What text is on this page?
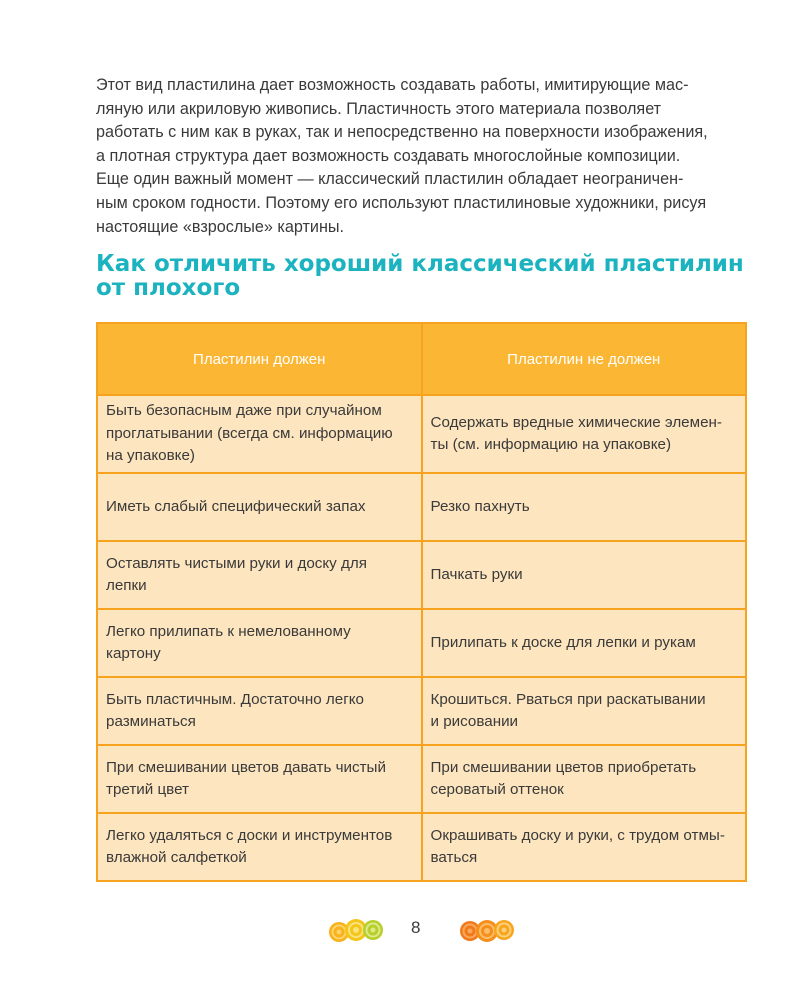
Этот вид пластилина дает возможность создавать работы, имитирующие мас-
ляную или акриловую живопись. Пластичность этого материала позволяет
работать с ним как в руках, так и непосредственно на поверхности изображения,
а плотная структура дает возможность создавать многослойные композиции.
Еще один важный момент — классический пластилин обладает неограничен-
ным сроком годности. Поэтому его используют пластилиновые художники, рисуя
настоящие «взрослые» картины.
Как отличить хороший классический пластилин
от плохого
Пластилин должен	Пластилин не должен

Быть безопасным даже при случайном
проглатывании (всегда см. информацию
на упаковке)	Содержать вредные химические элемен-
ты (см. информацию на упаковке)

Иметь слабый специфический запах	Резко пахнуть

Оставлять чистыми руки и доску для
лепки	Пачкать руки

Легко прилипать к немелованному
картону	Прилипать к доске для лепки и рукам

Быть пластичным. Достаточно легко
разминаться	Крошиться. Рваться при раскатывании
и рисовании

При смешивании цветов давать чистый
третий цвет	При смешивании цветов приобретать
сероватый оттенок

Легко удаляться с доски и инструментов
влажной салфеткой	Окрашивать доску и руки, с трудом отмы-
ваться
8
